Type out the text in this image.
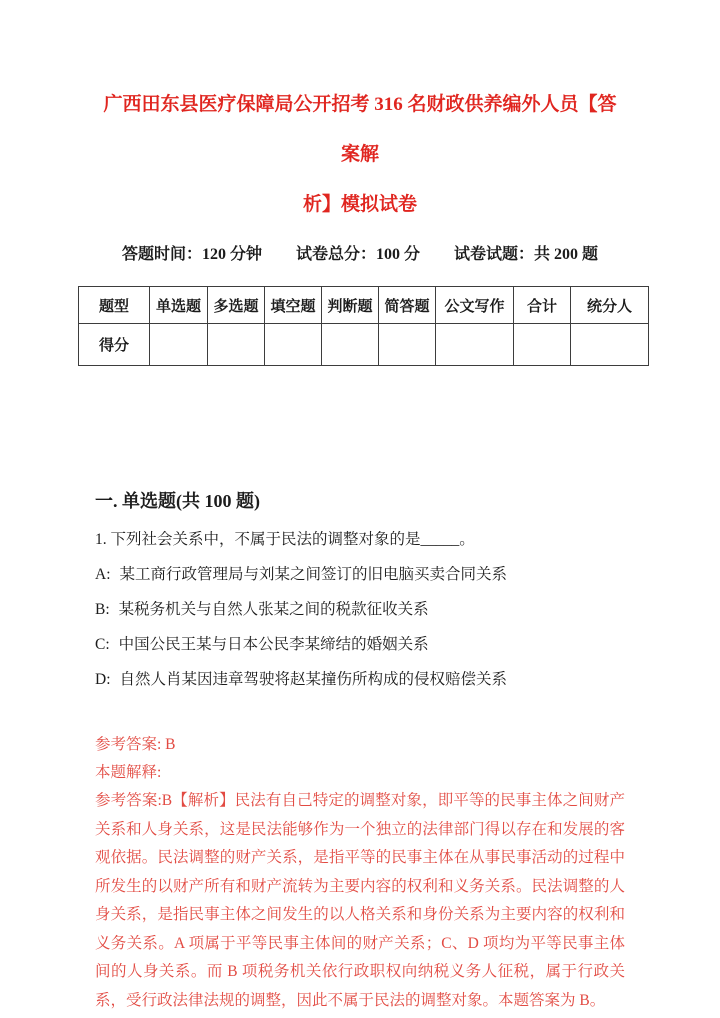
广西田东县医疗保障局公开招考 316 名财政供养编外人员【答案解
析】模拟试卷
答题时间：120 分钟 试卷总分：100 分 试卷试题：共 200 题
题型	单选题	多选题	填空题	判断题	简答题	公文写作	合计	统分人
得分								
一. 单选题(共 100 题)
1. 下列社会关系中，不属于民法的调整对象的是_____。
A: 某工商行政管理局与刘某之间签订的旧电脑买卖合同关系
B: 某税务机关与自然人张某之间的税款征收关系
C: 中国公民王某与日本公民李某缔结的婚姻关系
D: 自然人肖某因违章驾驶将赵某撞伤所构成的侵权赔偿关系
参考答案: B
本题解释:
参考答案:B【解析】民法有自己特定的调整对象，即平等的民事主体之间财产关系和人身关系，这是民法能够作为一个独立的法律部门得以存在和发展的客观依据。民法调整的财产关系，是指平等的民事主体在从事民事活动的过程中所发生的以财产所有和财产流转为主要内容的权利和义务关系。民法调整的人身关系，是指民事主体之间发生的以人格关系和身份关系为主要内容的权利和义务关系。A 项属于平等民事主体间的财产关系；C、D 项均为平等民事主体间的人身关系。而 B 项税务机关依行政职权向纳税义务人征税，属于行政关系，受行政法律法规的调整，因此不属于民法的调整对象。本题答案为 B。
